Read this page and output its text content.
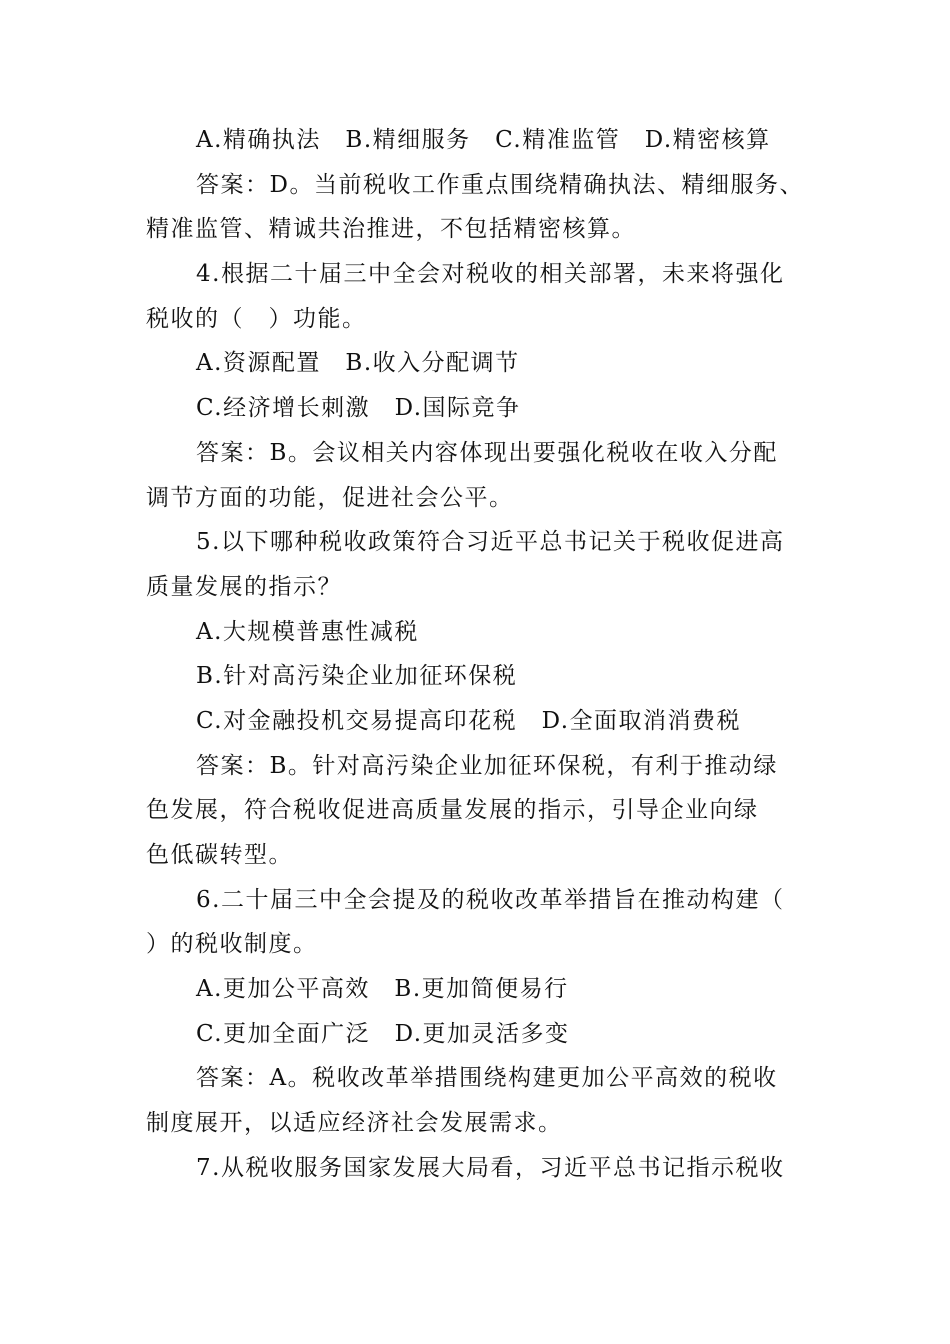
A.精确执法　B.精细服务　C.精准监管　D.精密核算
答案：D。当前税收工作重点围绕精确执法、精细服务、
精准监管、精诚共治推进，不包括精密核算。
4.根据二十届三中全会对税收的相关部署，未来将强化
税收的（　）功能。
A.资源配置　B.收入分配调节
C.经济增长刺激　D.国际竞争
答案：B。会议相关内容体现出要强化税收在收入分配
调节方面的功能，促进社会公平。
5.以下哪种税收政策符合习近平总书记关于税收促进高
质量发展的指示？
A.大规模普惠性减税
B.针对高污染企业加征环保税
C.对金融投机交易提高印花税　D.全面取消消费税
答案：B。针对高污染企业加征环保税，有利于推动绿
色发展，符合税收促进高质量发展的指示，引导企业向绿
色低碳转型。
6.二十届三中全会提及的税收改革举措旨在推动构建（
）的税收制度。
A.更加公平高效　B.更加简便易行
C.更加全面广泛　D.更加灵活多变
答案：A。税收改革举措围绕构建更加公平高效的税收
制度展开，以适应经济社会发展需求。
7.从税收服务国家发展大局看，习近平总书记指示税收
